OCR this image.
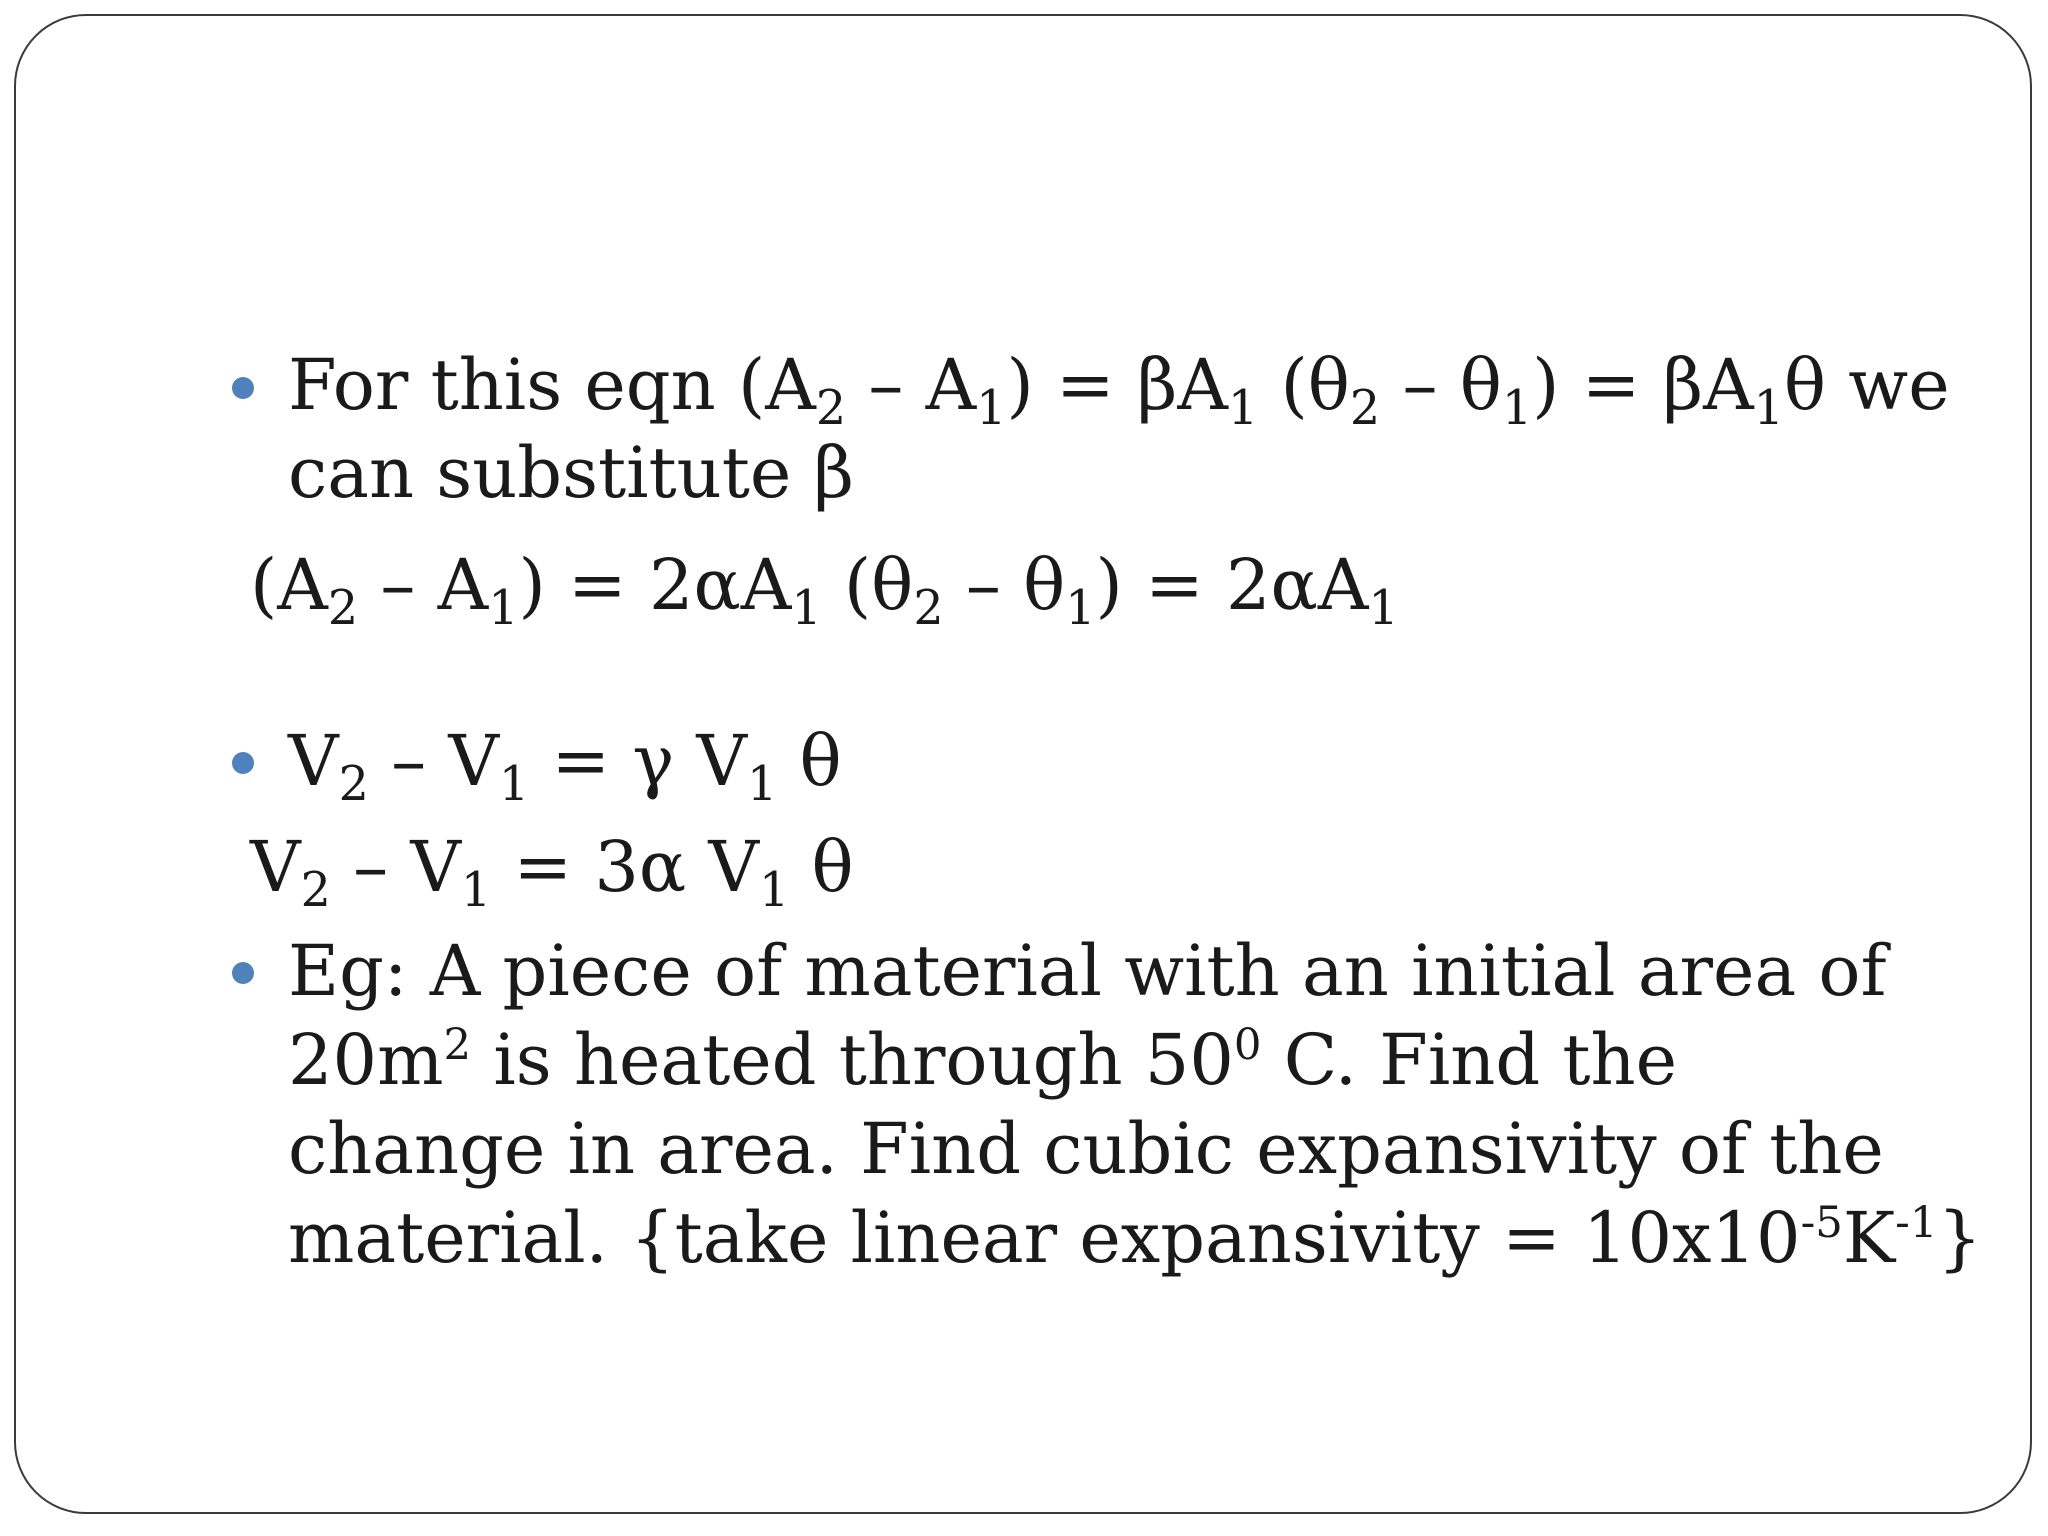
For this eqn $(A_2 - A_1) = \beta A_1$ $(\theta_2 - \theta_1) = \beta A_1\theta$ we
can substitute β
$(A_2 - A_1) = 2\alpha A_1$ $(\theta_2 - \theta_1) = 2\alpha A_1$
$V_2 - V_1 = \gamma$ $V_1$ θ
$V_2 - V_1 = 3\alpha$ $V_1$ θ
Eg: A piece of material with an initial area of
$20m^2$ is heated through $50^0$ C. Find the
change in area. Find cubic expansivity of the
material. {take linear expansivity = $10x10^{-5}K^{-1}$}
